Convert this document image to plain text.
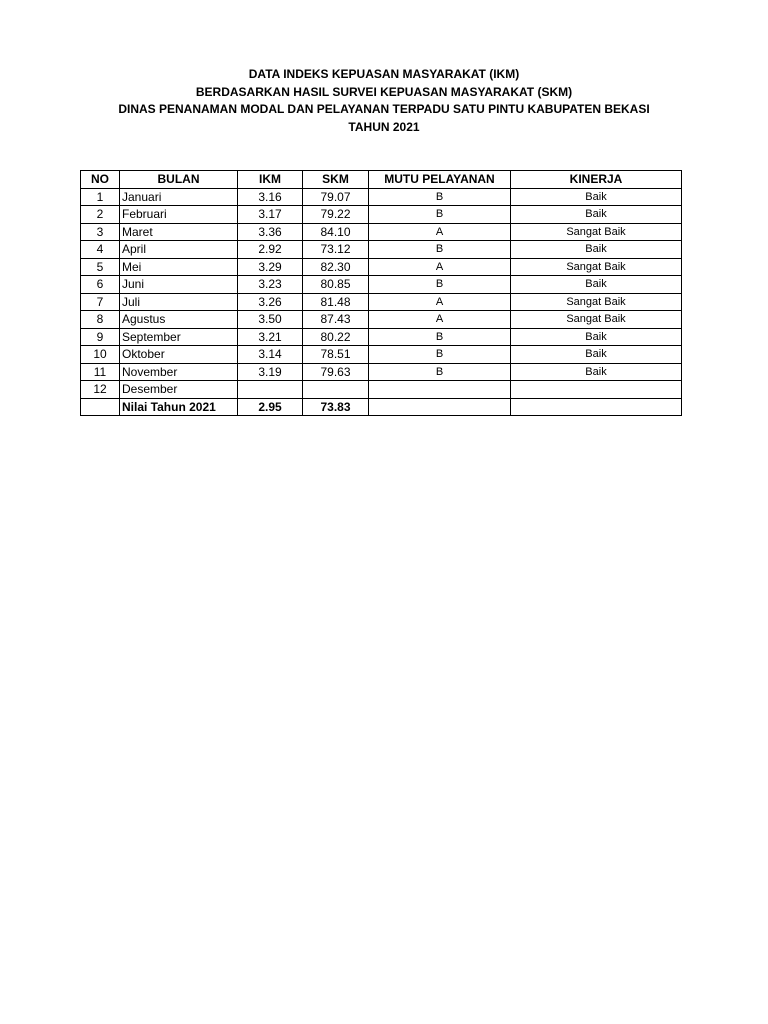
DATA INDEKS KEPUASAN MASYARAKAT (IKM)
BERDASARKAN HASIL SURVEI KEPUASAN MASYARAKAT (SKM)
DINAS PENANAMAN MODAL DAN PELAYANAN TERPADU SATU PINTU KABUPATEN BEKASI
TAHUN 2021
NO	BULAN	IKM	SKM	MUTU PELAYANAN	KINERJA
1	Januari	3.16	79.07	B	Baik
2	Februari	3.17	79.22	B	Baik
3	Maret	3.36	84.10	A	Sangat Baik
4	April	2.92	73.12	B	Baik
5	Mei	3.29	82.30	A	Sangat Baik
6	Juni	3.23	80.85	B	Baik
7	Juli	3.26	81.48	A	Sangat Baik
8	Agustus	3.50	87.43	A	Sangat Baik
9	September	3.21	80.22	B	Baik
10	Oktober	3.14	78.51	B	Baik
11	November	3.19	79.63	B	Baik
12	Desember				
	Nilai Tahun 2021	2.95	73.83		
